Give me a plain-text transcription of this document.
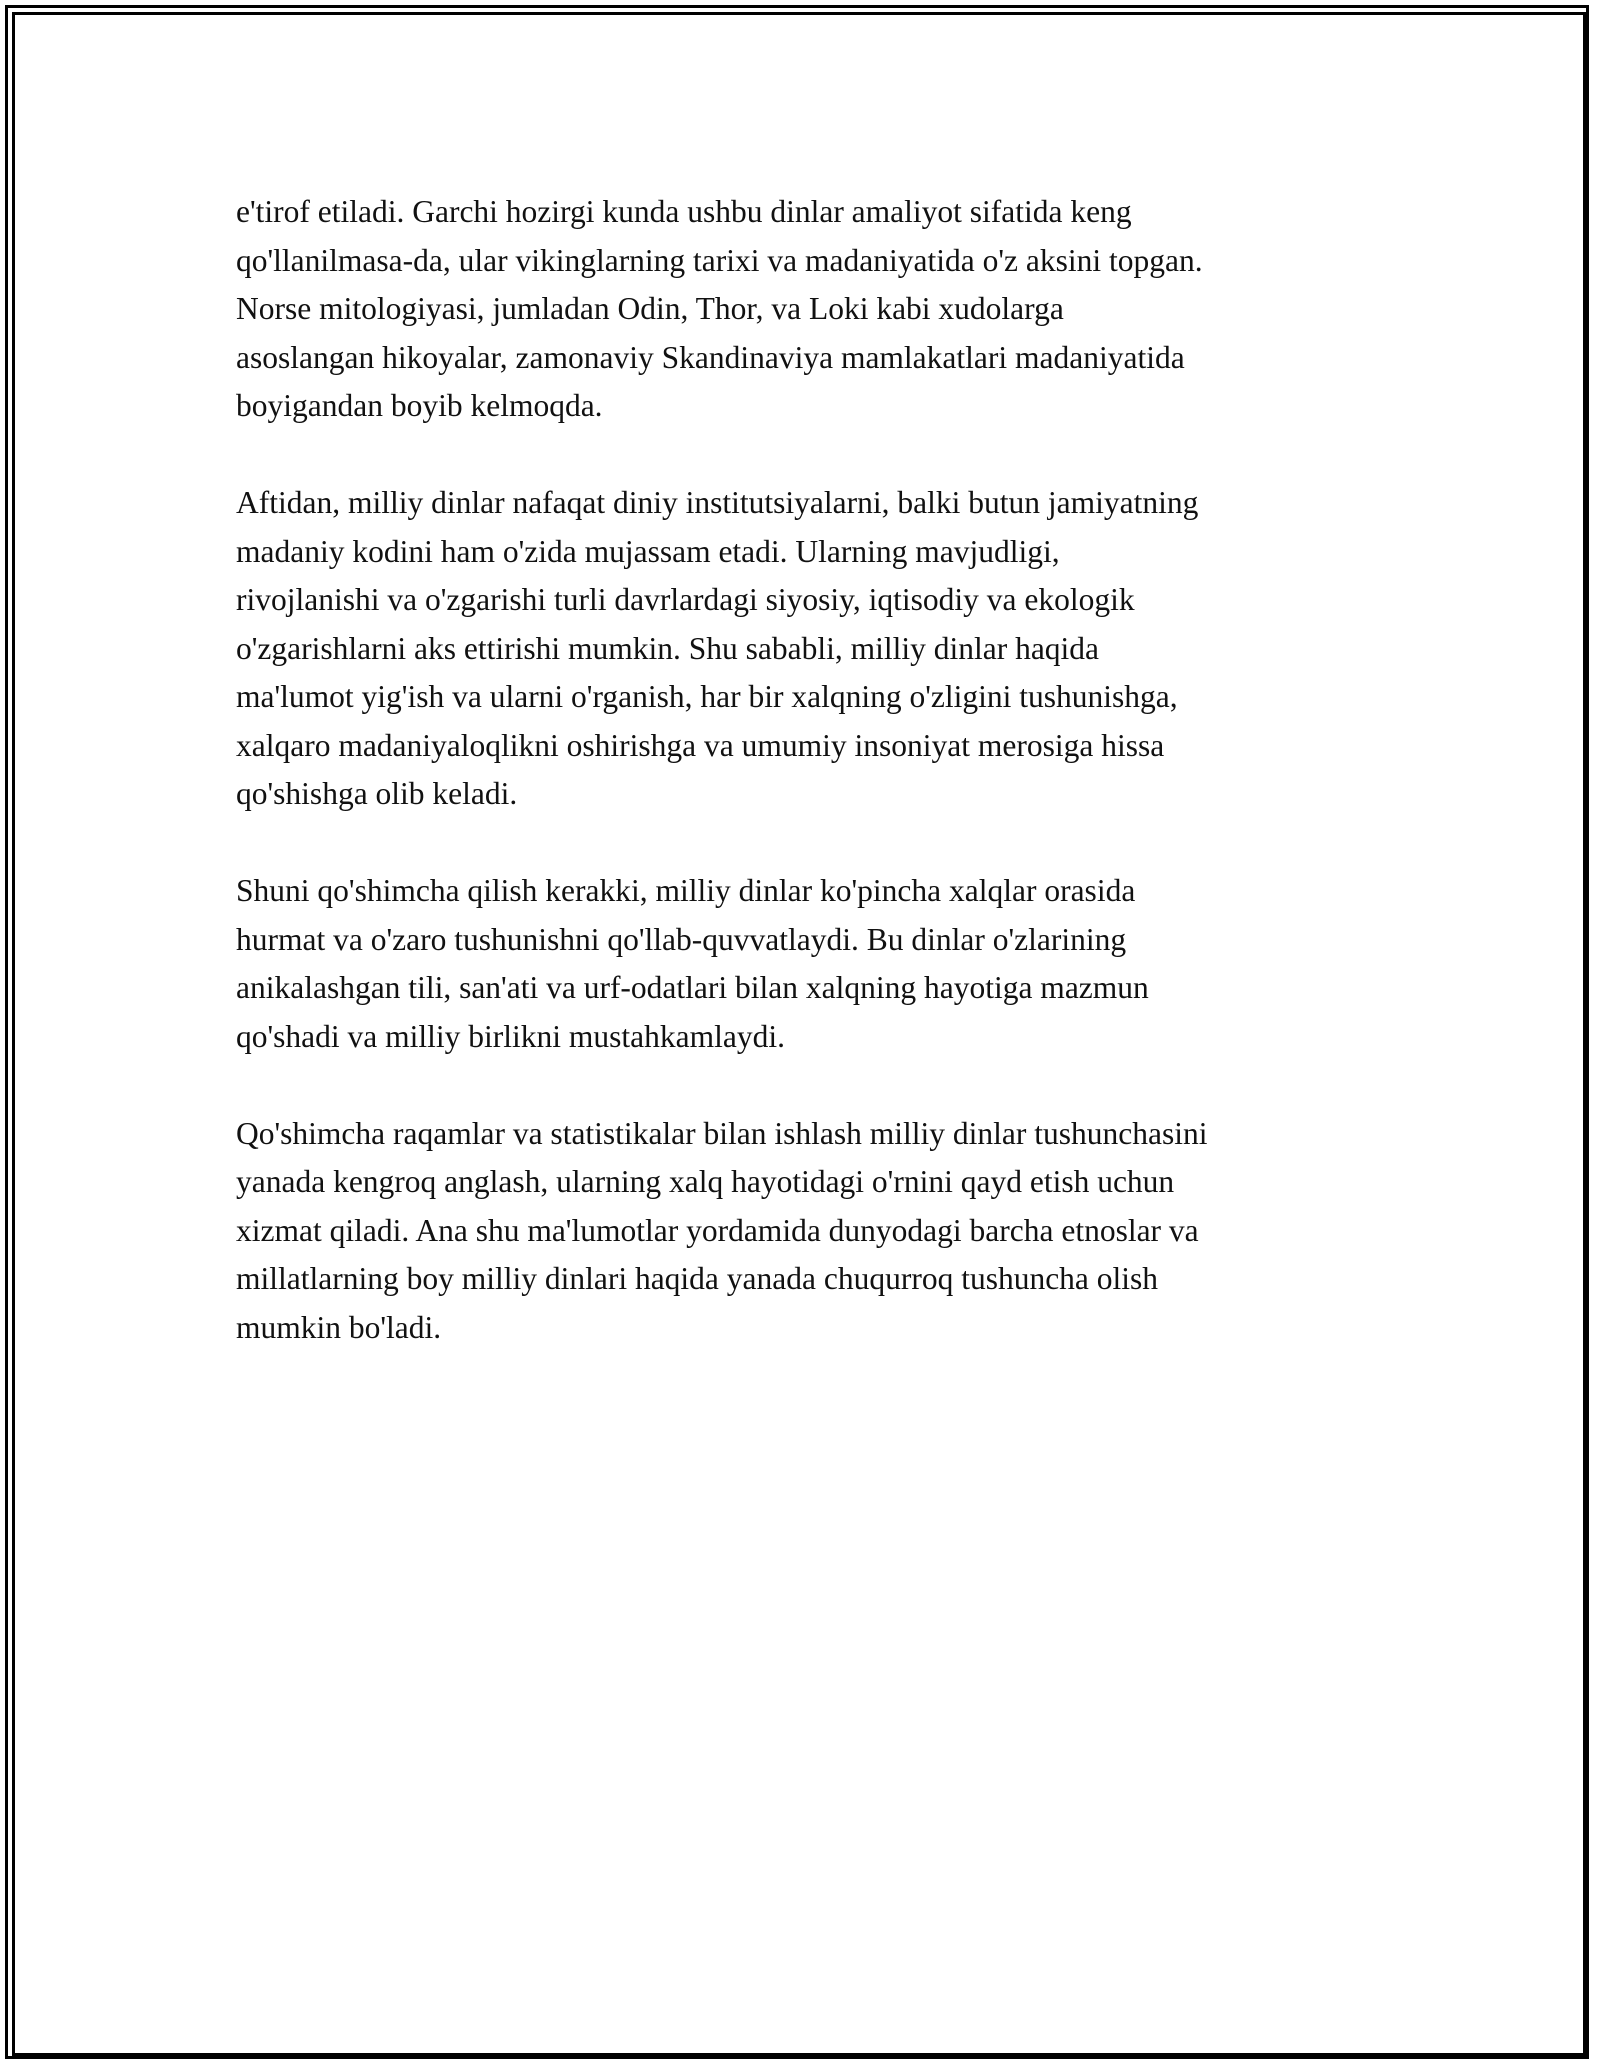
e'tirof etiladi. Garchi hozirgi kunda ushbu dinlar amaliyot sifatida keng
qo'llanilmasa-da, ular vikinglarning tarixi va madaniyatida o'z aksini topgan.
Norse mitologiyasi, jumladan Odin, Thor, va Loki kabi xudolarga
asoslangan hikoyalar, zamonaviy Skandinaviya mamlakatlari madaniyatida
boyigandan boyib kelmoqda.

Aftidan, milliy dinlar nafaqat diniy institutsiyalarni, balki butun jamiyatning
madaniy kodini ham o'zida mujassam etadi. Ularning mavjudligi,
rivojlanishi va o'zgarishi turli davrlardagi siyosiy, iqtisodiy va ekologik
o'zgarishlarni aks ettirishi mumkin. Shu sababli, milliy dinlar haqida
ma'lumot yig'ish va ularni o'rganish, har bir xalqning o'zligini tushunishga,
xalqaro madaniyaloqlikni oshirishga va umumiy insoniyat merosiga hissa
qo'shishga olib keladi.

Shuni qo'shimcha qilish kerakki, milliy dinlar ko'pincha xalqlar orasida
hurmat va o'zaro tushunishni qo'llab-quvvatlaydi. Bu dinlar o'zlarining
anikalashgan tili, san'ati va urf-odatlari bilan xalqning hayotiga mazmun
qo'shadi va milliy birlikni mustahkamlaydi.

Qo'shimcha raqamlar va statistikalar bilan ishlash milliy dinlar tushunchasini
yanada kengroq anglash, ularning xalq hayotidagi o'rnini qayd etish uchun
xizmat qiladi. Ana shu ma'lumotlar yordamida dunyodagi barcha etnoslar va
millatlarning boy milliy dinlari haqida yanada chuqurroq tushuncha olish
mumkin bo'ladi.
